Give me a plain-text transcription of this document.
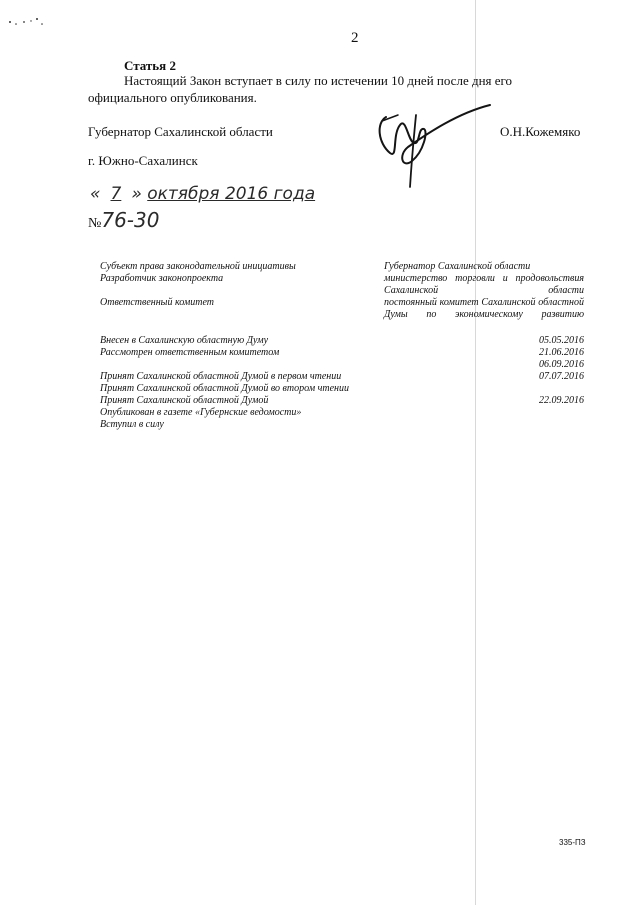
2
Статья 2
Настоящий Закон вступает в силу по истечении 10 дней после дня его официального опубликования.
Губернатор Сахалинской области	О.Н.Кожемяко
г. Южно-Сахалинск
« 7 » октября 2016 года
№76-30
Субъект права законодательной инициативы	Губернатор Сахалинской области
Разработчик законопроекта	министерство торговли и продовольствия Сахалинской области
Ответственный комитет	постоянный комитет Сахалинской областной Думы по экономическому развитию
Внесен в Сахалинскую областную Думу	05.05.2016
Рассмотрен ответственным комитетом	21.06.2016
06.09.2016
Принят Сахалинской областной Думой в первом чтении	07.07.2016
Принят Сахалинской областной Думой во втором чтении
Принят Сахалинской областной Думой	22.09.2016
Опубликован в газете «Губернские ведомости»
Вступил в силу
335-ПЗ
